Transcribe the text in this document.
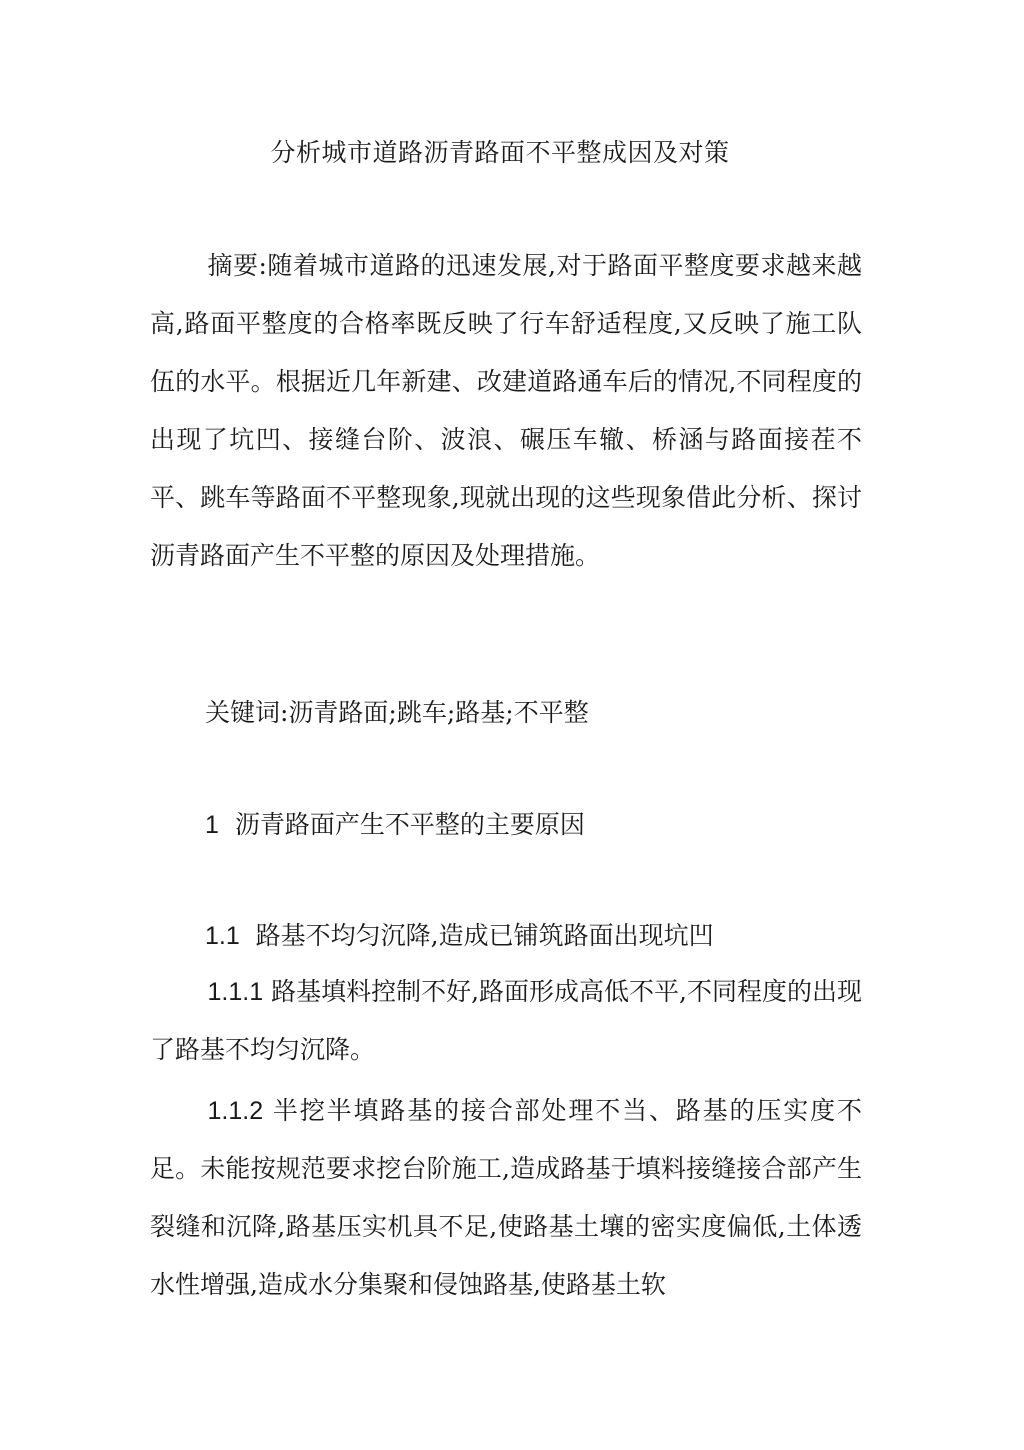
分析城市道路沥青路面不平整成因及对策
摘要:随着城市道路的迅速发展,对于路面平整度要求越来越高,路面平整度的合格率既反映了行车舒适程度,又反映了施工队伍的水平。根据近几年新建、改建道路通车后的情况,不同程度的出现了坑凹、接缝台阶、波浪、碾压车辙、桥涵与路面接茬不平、跳车等路面不平整现象,现就出现的这些现象借此分析、探讨沥青路面产生不平整的原因及处理措施。
关键词:沥青路面;跳车;路基;不平整
1 沥青路面产生不平整的主要原因
1.1 路基不均匀沉降,造成已铺筑路面出现坑凹
1.1.1 路基填料控制不好,路面形成高低不平,不同程度的出现了路基不均匀沉降。
1.1.2 半挖半填路基的接合部处理不当、路基的压实度不足。未能按规范要求挖台阶施工,造成路基于填料接缝接合部产生裂缝和沉降,路基压实机具不足,使路基土壤的密实度偏低,土体透水性增强,造成水分集聚和侵蚀路基,使路基土软
